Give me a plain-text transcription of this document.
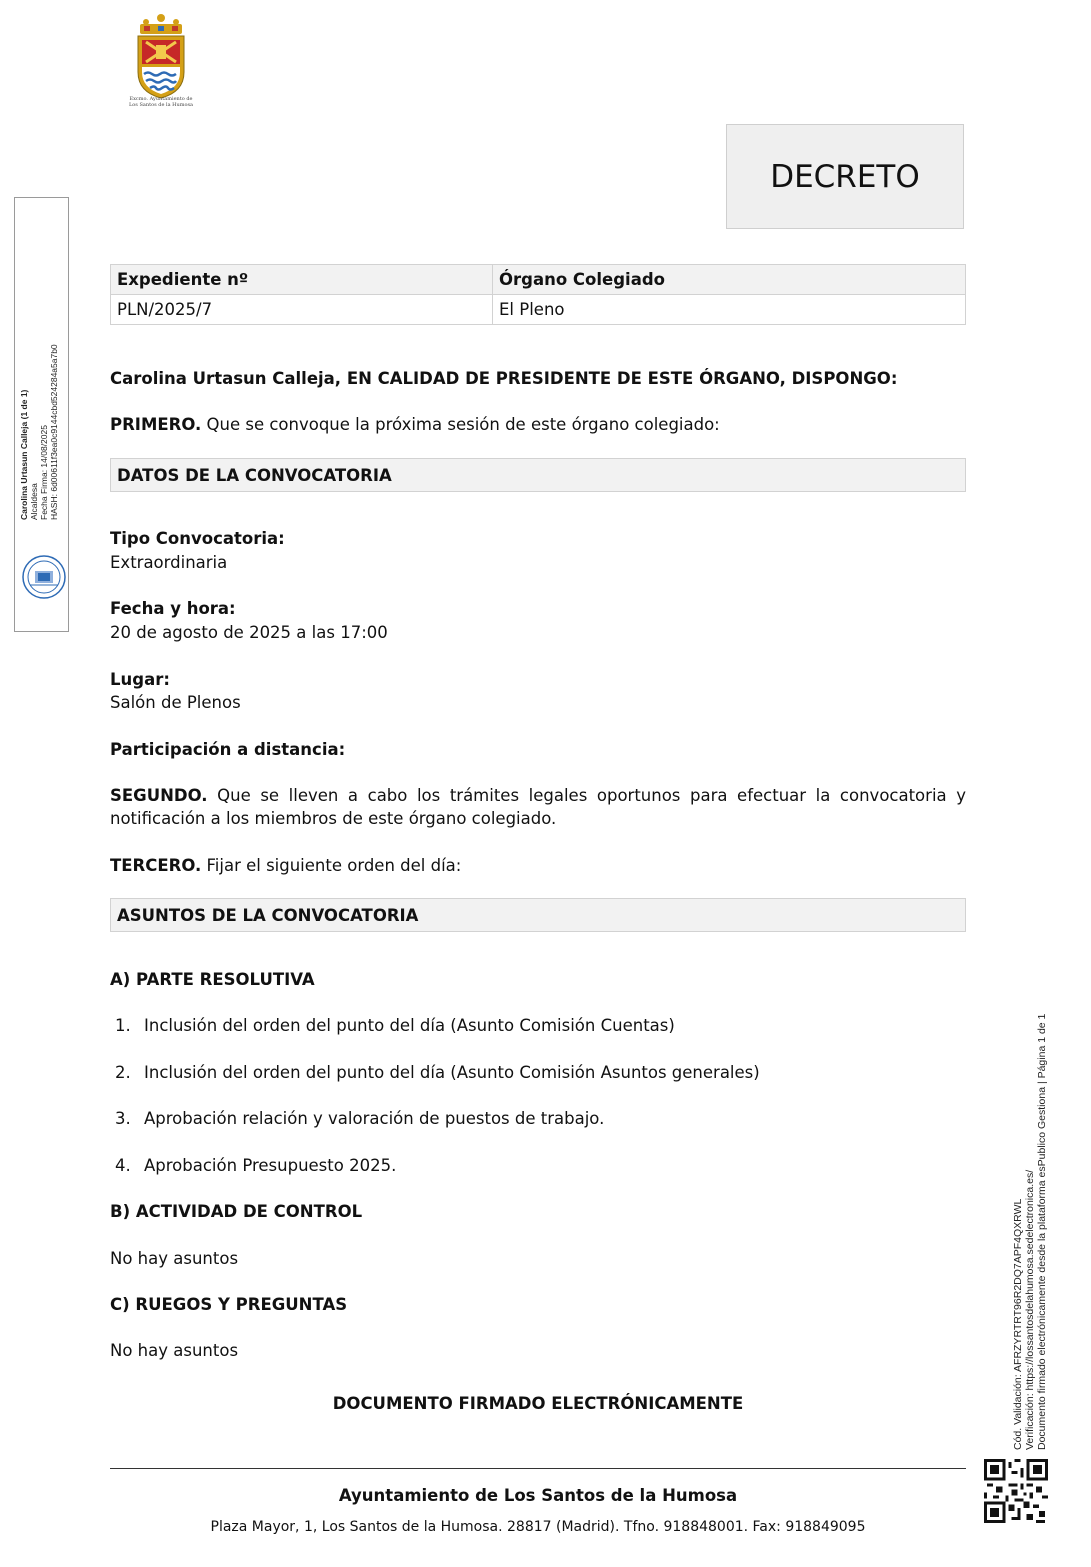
Excmo. Ayuntamiento de
Los Santos de la Humosa
DECRETO
Carolina Urtasun Calleja (1 de 1) Alcaldesa Fecha Firma: 14/08/2025 HASH: 6d00611f3ea0c9144cbd524284a5a7b0
Expediente nº	Órgano Colegiado
PLN/2025/7	El Pleno
Carolina Urtasun Calleja, EN CALIDAD DE PRESIDENTE DE ESTE ÓRGANO, DISPONGO:
PRIMERO. Que se convoque la próxima sesión de este órgano colegiado:
DATOS DE LA CONVOCATORIA
Tipo Convocatoria:
Extraordinaria
Fecha y hora:
20 de agosto de 2025 a las 17:00
Lugar:
Salón de Plenos
Participación a distancia:
SEGUNDO. Que se lleven a cabo los trámites legales oportunos para efectuar la convocatoria y notificación a los miembros de este órgano colegiado.
TERCERO. Fijar el siguiente orden del día:
ASUNTOS DE LA CONVOCATORIA
A) PARTE RESOLUTIVA
1. Inclusión del orden del punto del día (Asunto Comisión Cuentas)
2. Inclusión del orden del punto del día (Asunto Comisión Asuntos generales)
3. Aprobación relación y valoración de puestos de trabajo.
4. Aprobación Presupuesto 2025.
B) ACTIVIDAD DE CONTROL
No hay asuntos
C) RUEGOS Y PREGUNTAS
No hay asuntos
DOCUMENTO FIRMADO ELECTRÓNICAMENTE
Ayuntamiento de Los Santos de la Humosa
Plaza Mayor, 1, Los Santos de la Humosa. 28817 (Madrid). Tfno. 918848001. Fax: 918849095
Cód. Validación: AFRZYRTRT96R2DQ7APF4QXRWL Verificación: https://lossantosdelahumosa.sedelectronica.es/ Documento firmado electrónicamente desde la plataforma esPublico Gestiona | Página 1 de 1
